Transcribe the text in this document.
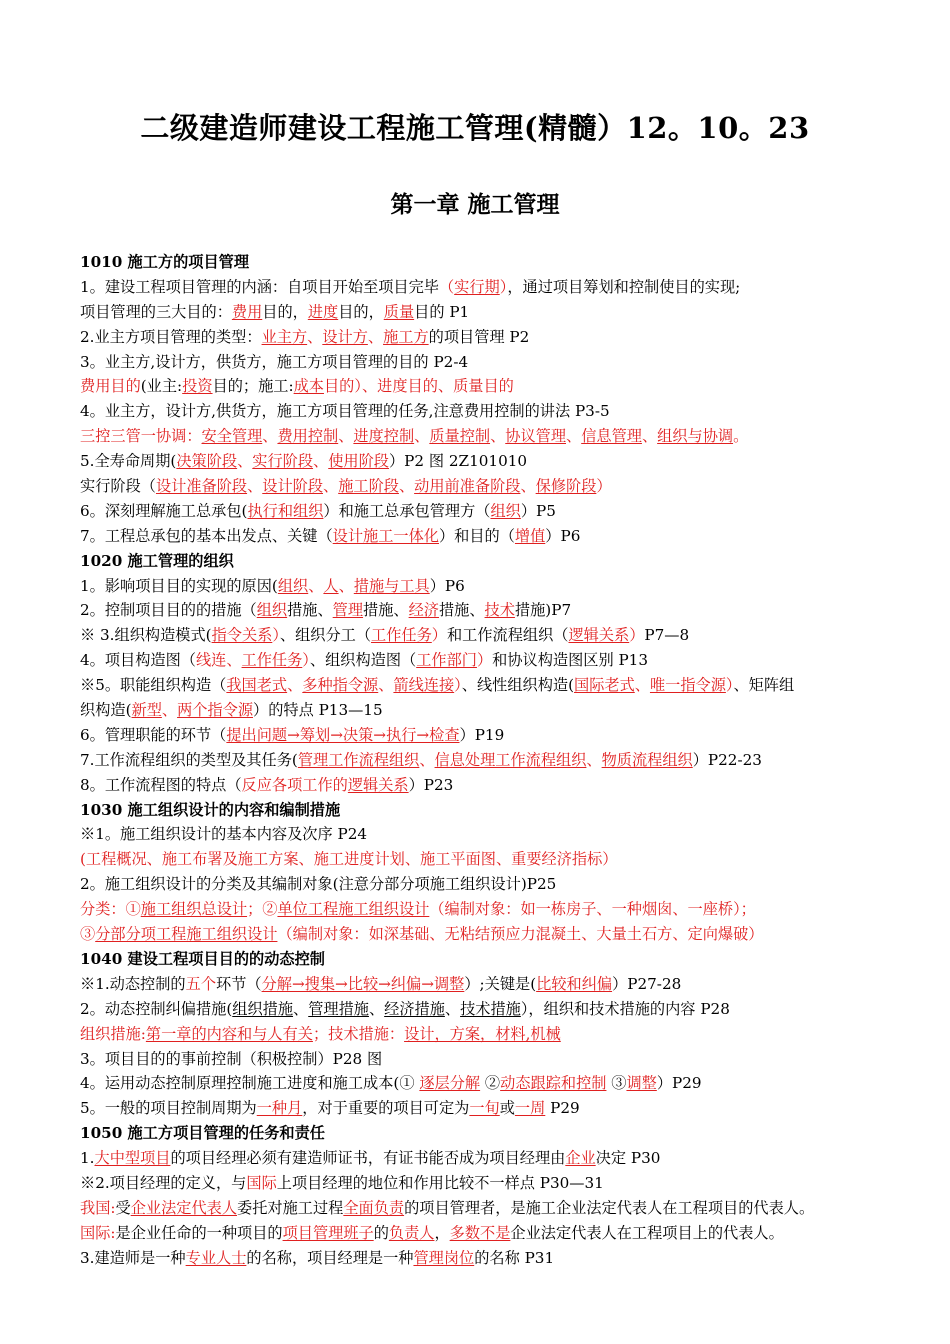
二级建造师建设工程施工管理(精髓）12。10。23
第一章 施工管理
1010 施工方的项目管理
1。建设工程项目管理的内涵：自项目开始至项目完毕（实行期），通过项目筹划和控制使目的实现;
项目管理的三大目的：费用目的，进度目的，质量目的 P1
2.业主方项目管理的类型：业主方、设计方、施工方的项目管理 P2
3。业主方,设计方，供货方，施工方项目管理的目的 P2-4
费用目的(业主:投资目的；施工:成本目的）、进度目的、质量目的
4。业主方，设计方,供货方，施工方项目管理的任务,注意费用控制的讲法 P3-5
三控三管一协调：安全管理、费用控制、进度控制、质量控制、协议管理、信息管理、组织与协调。
5.全寿命周期(决策阶段、实行阶段、使用阶段）P2 图 2Z101010
实行阶段（设计准备阶段、设计阶段、施工阶段、动用前准备阶段、保修阶段）
6。深刻理解施工总承包(执行和组织）和施工总承包管理方（组织）P5
7。工程总承包的基本出发点、关键（设计施工一体化）和目的（增值）P6
1020 施工管理的组织
1。影响项目目的实现的原因(组织、人、措施与工具）P6
2。控制项目目的的措施（组织措施、管理措施、经济措施、技术措施)P7
※ 3.组织构造模式(指令关系）、组织分工（工作任务）和工作流程组织（逻辑关系）P7—8
4。项目构造图（线连、工作任务）、组织构造图（工作部门）和协议构造图区别 P13
※5。职能组织构造（我国老式、多种指令源、箭线连接）、线性组织构造(国际老式、唯一指令源）、矩阵组
织构造(新型、两个指令源）的特点 P13—15
6。管理职能的环节（提出问题→筹划→决策→执行→检查）P19
7.工作流程组织的类型及其任务(管理工作流程组织、信息处理工作流程组织、物质流程组织）P22-23
8。工作流程图的特点（反应各项工作的逻辑关系）P23
1030 施工组织设计的内容和编制措施
※1。施工组织设计的基本内容及次序 P24
(工程概况、施工布署及施工方案、施工进度计划、施工平面图、重要经济指标）
2。施工组织设计的分类及其编制对象(注意分部分项施工组织设计)P25
分类：①施工组织总设计；②单位工程施工组织设计（编制对象：如一栋房子、一种烟囱、一座桥）；
③分部分项工程施工组织设计（编制对象：如深基础、无粘结预应力混凝土、大量土石方、定向爆破）
1040 建设工程项目目的的动态控制
※1.动态控制的五个环节（分解→搜集→比较→纠偏→调整）;关键是(比较和纠偏）P27-28
2。动态控制纠偏措施(组织措施、管理措施、经济措施、技术措施），组织和技术措施的内容 P28
组织措施:第一章的内容和与人有关；技术措施：设计，方案，材料,机械
3。项目目的的事前控制（积极控制）P28 图
4。运用动态控制原理控制施工进度和施工成本(① 逐层分解 ②动态跟踪和控制 ③调整）P29
5。一般的项目控制周期为一种月，对于重要的项目可定为一旬或一周 P29
1050 施工方项目管理的任务和责任
1.大中型项目的项目经理必须有建造师证书，有证书能否成为项目经理由企业决定 P30
※2.项目经理的定义，与国际上项目经理的地位和作用比较不一样点 P30—31
我国:受企业法定代表人委托对施工过程全面负责的项目管理者，是施工企业法定代表人在工程项目的代表人。
国际:是企业任命的一种项目的项目管理班子的负责人，多数不是企业法定代表人在工程项目上的代表人。
3.建造师是一种专业人士的名称，项目经理是一种管理岗位的名称 P31
